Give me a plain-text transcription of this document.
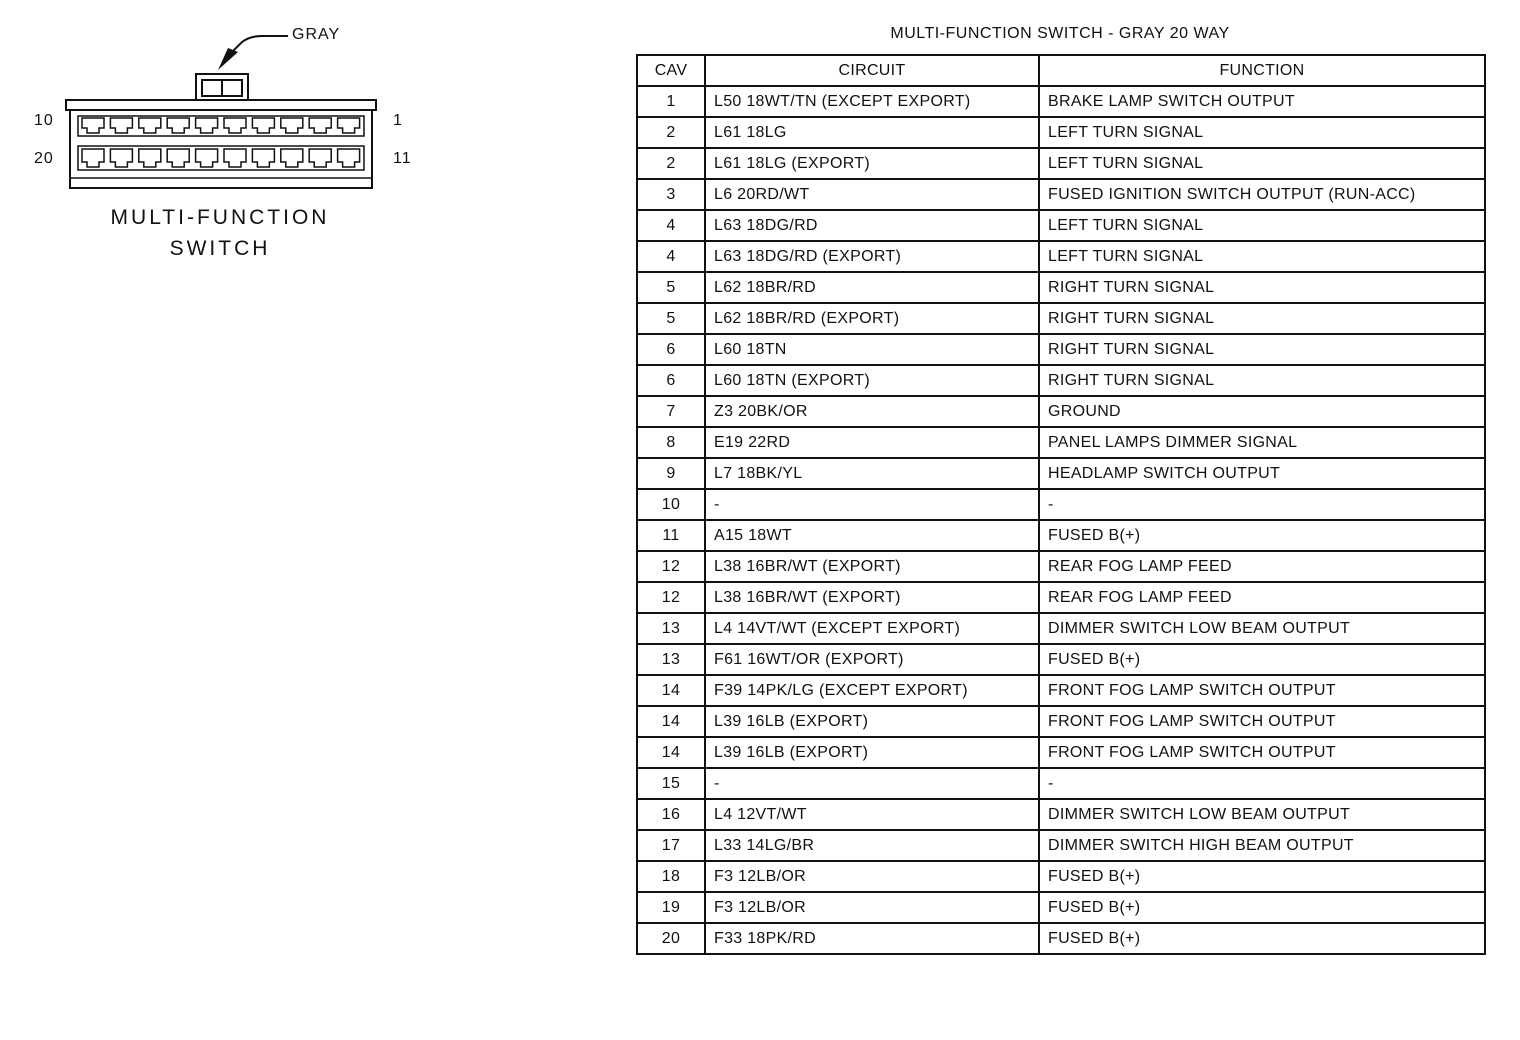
GRAY
10	1
20	11
MULTI-FUNCTION
SWITCH
MULTI-FUNCTION SWITCH - GRAY 20 WAY
CAV	CIRCUIT	FUNCTION
1	L50 18WT/TN (EXCEPT EXPORT)	BRAKE LAMP SWITCH OUTPUT
2	L61 18LG	LEFT TURN SIGNAL
2	L61 18LG (EXPORT)	LEFT TURN SIGNAL
3	L6 20RD/WT	FUSED IGNITION SWITCH OUTPUT (RUN-ACC)
4	L63 18DG/RD	LEFT TURN SIGNAL
4	L63 18DG/RD (EXPORT)	LEFT TURN SIGNAL
5	L62 18BR/RD	RIGHT TURN SIGNAL
5	L62 18BR/RD (EXPORT)	RIGHT TURN SIGNAL
6	L60 18TN	RIGHT TURN SIGNAL
6	L60 18TN (EXPORT)	RIGHT TURN SIGNAL
7	Z3 20BK/OR	GROUND
8	E19 22RD	PANEL LAMPS DIMMER SIGNAL
9	L7 18BK/YL	HEADLAMP SWITCH OUTPUT
10	-	-
11	A15 18WT	FUSED B(+)
12	L38 16BR/WT (EXPORT)	REAR FOG LAMP FEED
12	L38 16BR/WT (EXPORT)	REAR FOG LAMP FEED
13	L4 14VT/WT (EXCEPT EXPORT)	DIMMER SWITCH LOW BEAM OUTPUT
13	F61 16WT/OR (EXPORT)	FUSED B(+)
14	F39 14PK/LG (EXCEPT EXPORT)	FRONT FOG LAMP SWITCH OUTPUT
14	L39 16LB (EXPORT)	FRONT FOG LAMP SWITCH OUTPUT
14	L39 16LB (EXPORT)	FRONT FOG LAMP SWITCH OUTPUT
15	-	-
16	L4 12VT/WT	DIMMER SWITCH LOW BEAM OUTPUT
17	L33 14LG/BR	DIMMER SWITCH HIGH BEAM OUTPUT
18	F3 12LB/OR	FUSED B(+)
19	F3 12LB/OR	FUSED B(+)
20	F33 18PK/RD	FUSED B(+)
